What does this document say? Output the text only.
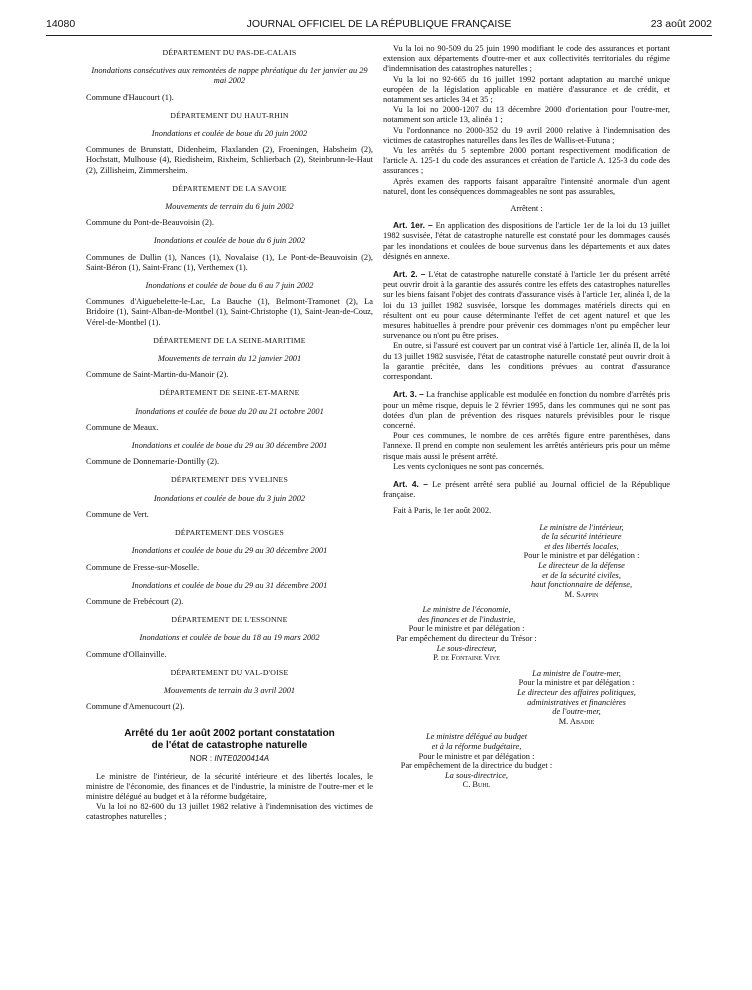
14080	JOURNAL OFFICIEL DE LA RÉPUBLIQUE FRANÇAISE	23 août 2002
DÉPARTEMENT DU PAS-DE-CALAIS
Inondations consécutives aux remontées de nappe phréatique du 1er janvier au 29 mai 2002
Commune d'Haucourt (1).
DÉPARTEMENT DU HAUT-RHIN
Inondations et coulée de boue du 20 juin 2002
Communes de Brunstatt, Didenheim, Flaxlanden (2), Froeningen, Habsheim (2), Hochstatt, Mulhouse (4), Riedisheim, Rixheim, Schlierbach (2), Steinbrunn-le-Haut (2), Zillisheim, Zimmersheim.
DÉPARTEMENT DE LA SAVOIE
Mouvements de terrain du 6 juin 2002
Commune du Pont-de-Beauvoisin (2).
Inondations et coulée de boue du 6 juin 2002
Communes de Dullin (1), Nances (1), Novalaise (1), Le Pont-de-Beauvoisin (2), Saint-Béron (1), Saint-Franc (1), Verthemex (1).
Inondations et coulée de boue du 6 au 7 juin 2002
Communes d'Aiguebelette-le-Lac, La Bauche (1), Belmont-Tramonet (2), La Bridoire (1), Saint-Alban-de-Montbel (1), Saint-Christophe (1), Saint-Jean-de-Couz, Vérel-de-Montbel (1).
DÉPARTEMENT DE LA SEINE-MARITIME
Mouvements de terrain du 12 janvier 2001
Commune de Saint-Martin-du-Manoir (2).
DÉPARTEMENT DE SEINE-ET-MARNE
Inondations et coulée de boue du 20 au 21 octobre 2001
Commune de Meaux.
Inondations et coulée de boue du 29 au 30 décembre 2001
Commune de Donnemarie-Dontilly (2).
DÉPARTEMENT DES YVELINES
Inondations et coulée de boue du 3 juin 2002
Commune de Vert.
DÉPARTEMENT DES VOSGES
Inondations et coulée de boue du 29 au 30 décembre 2001
Commune de Fresse-sur-Moselle.
Inondations et coulée de boue du 29 au 31 décembre 2001
Commune de Frebécourt (2).
DÉPARTEMENT DE L'ESSONNE
Inondations et coulée de boue du 18 au 19 mars 2002
Commune d'Ollainville.
DÉPARTEMENT DU VAL-D'OISE
Mouvements de terrain du 3 avril 2001
Commune d'Amenucourt (2).
Arrêté du 1er août 2002 portant constatation
de l'état de catastrophe naturelle
NOR : INTE0200414A

Le ministre de l'intérieur, de la sécurité intérieure et des libertés locales, le ministre de l'économie, des finances et de l'industrie, la ministre de l'outre-mer et le ministre délégué au budget et à la réforme budgétaire,

Vu la loi no 82-600 du 13 juillet 1982 relative à l'indemnisation des victimes de catastrophes naturelles ;

Vu la loi no 90-509 du 25 juin 1990 modifiant le code des assurances et portant extension aux départements d'outre-mer et aux collectivités territoriales du régime d'indemnisation des catastrophes naturelles ;

Vu la loi no 92-665 du 16 juillet 1992 portant adaptation au marché unique européen de la législation applicable en matière d'assurance et de crédit, et notamment ses articles 34 et 35 ;

Vu la loi no 2000-1207 du 13 décembre 2000 d'orientation pour l'outre-mer, notamment son article 13, alinéa 1 ;

Vu l'ordonnance no 2000-352 du 19 avril 2000 relative à l'indemnisation des victimes de catastrophes naturelles dans les îles de Wallis-et-Futuna ;

Vu les arrêtés du 5 septembre 2000 portant respectivement modification de l'article A. 125-1 du code des assurances et création de l'article A. 125-3 du code des assurances ;

Après examen des rapports faisant apparaître l'intensité anormale d'un agent naturel, dont les conséquences dommageables ne sont pas assurables,

Arrêtent :

Art. 1er. – En application des dispositions de l'article 1er de la loi du 13 juillet 1982 susvisée, l'état de catastrophe naturelle est constaté pour les dommages causés par les inondations et coulées de boue survenus dans les départements et aux dates désignés en annexe.

Art. 2. – L'état de catastrophe naturelle constaté à l'article 1er du présent arrêté peut ouvrir droit à la garantie des assurés contre les effets des catastrophes naturelles sur les biens faisant l'objet des contrats d'assurance visés à l'article 1er, alinéa I, de la loi du 13 juillet 1982 susvisée, lorsque les dommages matériels directs qui en résultent ont eu pour cause déterminante l'effet de cet agent naturel et que les mesures habituelles à prendre pour prévenir ces dommages n'ont pu empêcher leur survenance ou n'ont pu être prises.

En outre, si l'assuré est couvert par un contrat visé à l'article 1er, alinéa II, de la loi du 13 juillet 1982 susvisée, l'état de catastrophe naturelle constaté peut ouvrir droit à la garantie précitée, dans les conditions prévues au contrat d'assurance correspondant.

Art. 3. – La franchise applicable est modulée en fonction du nombre d'arrêtés pris pour un même risque, depuis le 2 février 1995, dans les communes qui ne sont pas dotées d'un plan de prévention des risques naturels prévisibles pour le risque concerné.

Pour ces communes, le nombre de ces arrêtés figure entre parenthèses, dans l'annexe. Il prend en compte non seulement les arrêtés antérieurs pris pour un même risque mais aussi le présent arrêté.

Les vents cycloniques ne sont pas concernés.

Art. 4. – Le présent arrêté sera publié au Journal officiel de la République française.

Fait à Paris, le 1er août 2002.
Le ministre de l'intérieur,
de la sécurité intérieure
et des libertés locales,
Pour le ministre et par délégation :
Le directeur de la défense
et de la sécurité civiles,
haut fonctionnaire de défense,
M. Sappin
Le ministre de l'économie,
des finances et de l'industrie,
Pour le ministre et par délégation :
Par empêchement du directeur du Trésor :
Le sous-directeur,
P. de Fontaine Vive
La ministre de l'outre-mer,
Pour la ministre et par délégation :
Le directeur des affaires politiques,
administratives et financières
de l'outre-mer,
M. Abadie
Le ministre délégué au budget
et à la réforme budgétaire,
Pour le ministre et par délégation :
Par empêchement de la directrice du budget :
La sous-directrice,
C. Buhl
